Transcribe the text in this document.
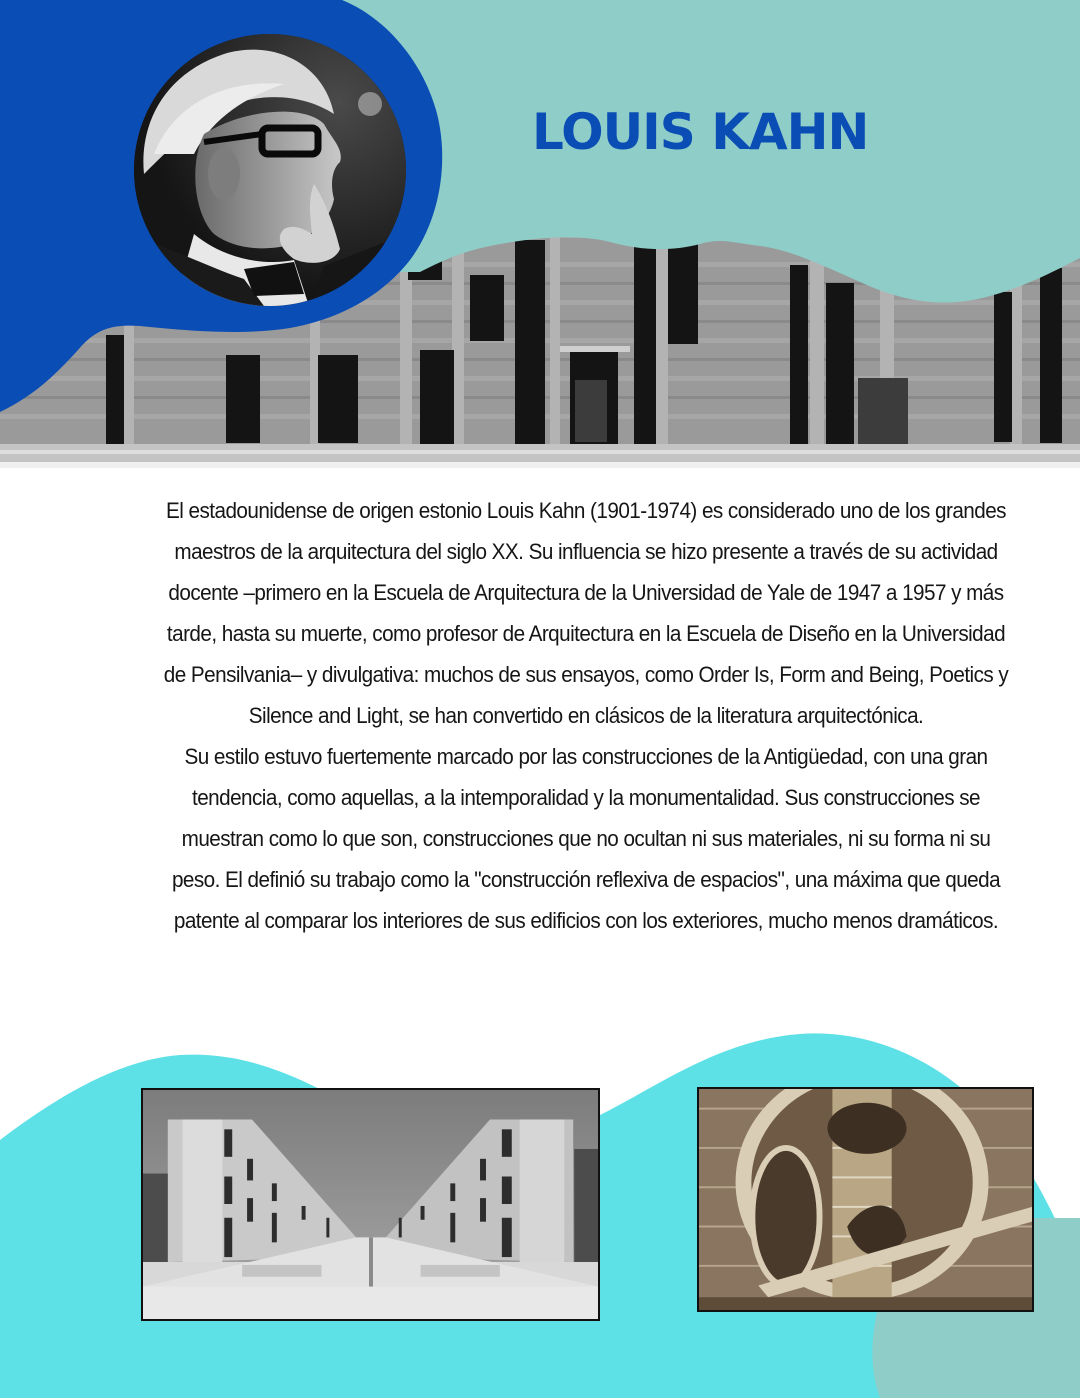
LOUIS KAHN

El estadounidense de origen estonio Louis Kahn (1901-1974) es considerado uno de los grandes maestros de la arquitectura del siglo XX. Su influencia se hizo presente a través de su actividad docente –primero en la Escuela de Arquitectura de la Universidad de Yale de 1947 a 1957 y más tarde, hasta su muerte, como profesor de Arquitectura en la Escuela de Diseño en la Universidad de Pensilvania– y divulgativa: muchos de sus ensayos, como Order Is, Form and Being, Poetics y Silence and Light, se han convertido en clásicos de la literatura arquitectónica.

Su estilo estuvo fuertemente marcado por las construcciones de la Antigüedad, con una gran tendencia, como aquellas, a la intemporalidad y la monumentalidad. Sus construcciones se muestran como lo que son, construcciones que no ocultan ni sus materiales, ni su forma ni su peso. El definió su trabajo como la "construcción reflexiva de espacios", una máxima que queda patente al comparar los interiores de sus edificios con los exteriores, mucho menos dramáticos.
